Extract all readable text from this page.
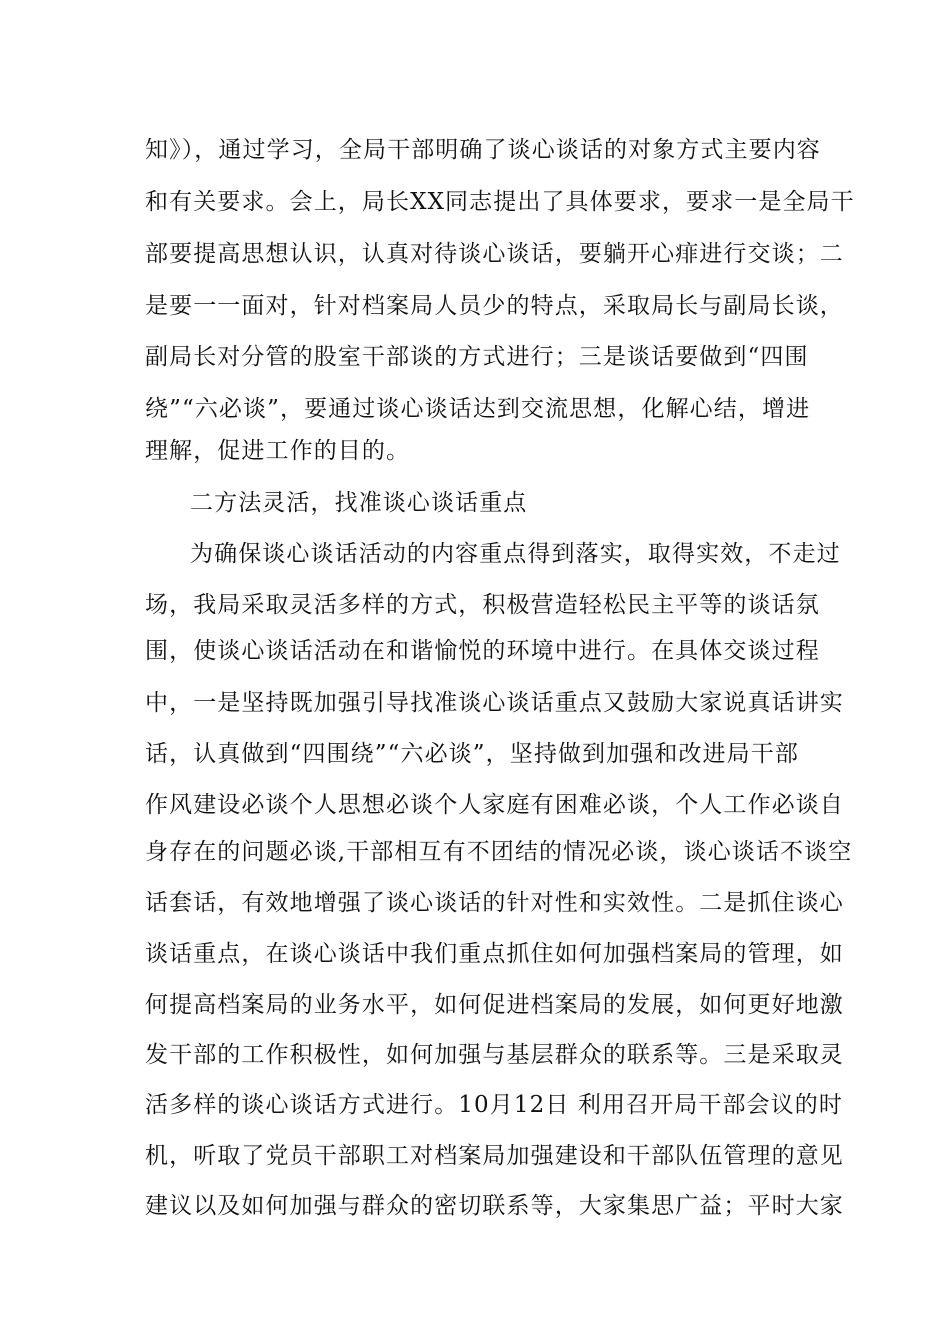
知》），通过学习，全局干部明确了谈心谈话的对象方式主要内容
和有关要求。会上，局长XX同志提出了具体要求，要求一是全局干
部要提高思想认识，认真对待谈心谈话，要躺开心痱进行交谈；二
是要一一面对，针对档案局人员少的特点，采取局长与副局长谈，
副局长对分管的股室干部谈的方式进行；三是谈话要做到“四围
绕”“六必谈”，要通过谈心谈话达到交流思想，化解心结，增进
理解，促进工作的目的。
二方法灵活，找准谈心谈话重点
为确保谈心谈话活动的内容重点得到落实，取得实效，不走过
场，我局采取灵活多样的方式，积极营造轻松民主平等的谈话氛
围，使谈心谈话活动在和谐愉悦的环境中进行。在具体交谈过程
中，一是坚持既加强引导找准谈心谈话重点又鼓励大家说真话讲实
话，认真做到“四围绕”“六必谈”，坚持做到加强和改进局干部
作风建设必谈个人思想必谈个人家庭有困难必谈，个人工作必谈自
身存在的问题必谈,干部相互有不团结的情况必谈，谈心谈话不谈空
话套话，有效地增强了谈心谈话的针对性和实效性。二是抓住谈心
谈话重点，在谈心谈话中我们重点抓住如何加强档案局的管理，如
何提高档案局的业务水平，如何促进档案局的发展，如何更好地激
发干部的工作积极性，如何加强与基层群众的联系等。三是采取灵
活多样的谈心谈话方式进行。10月12日 利用召开局干部会议的时
机，听取了党员干部职工对档案局加强建设和干部队伍管理的意见
建议以及如何加强与群众的密切联系等，大家集思广益；平时大家
